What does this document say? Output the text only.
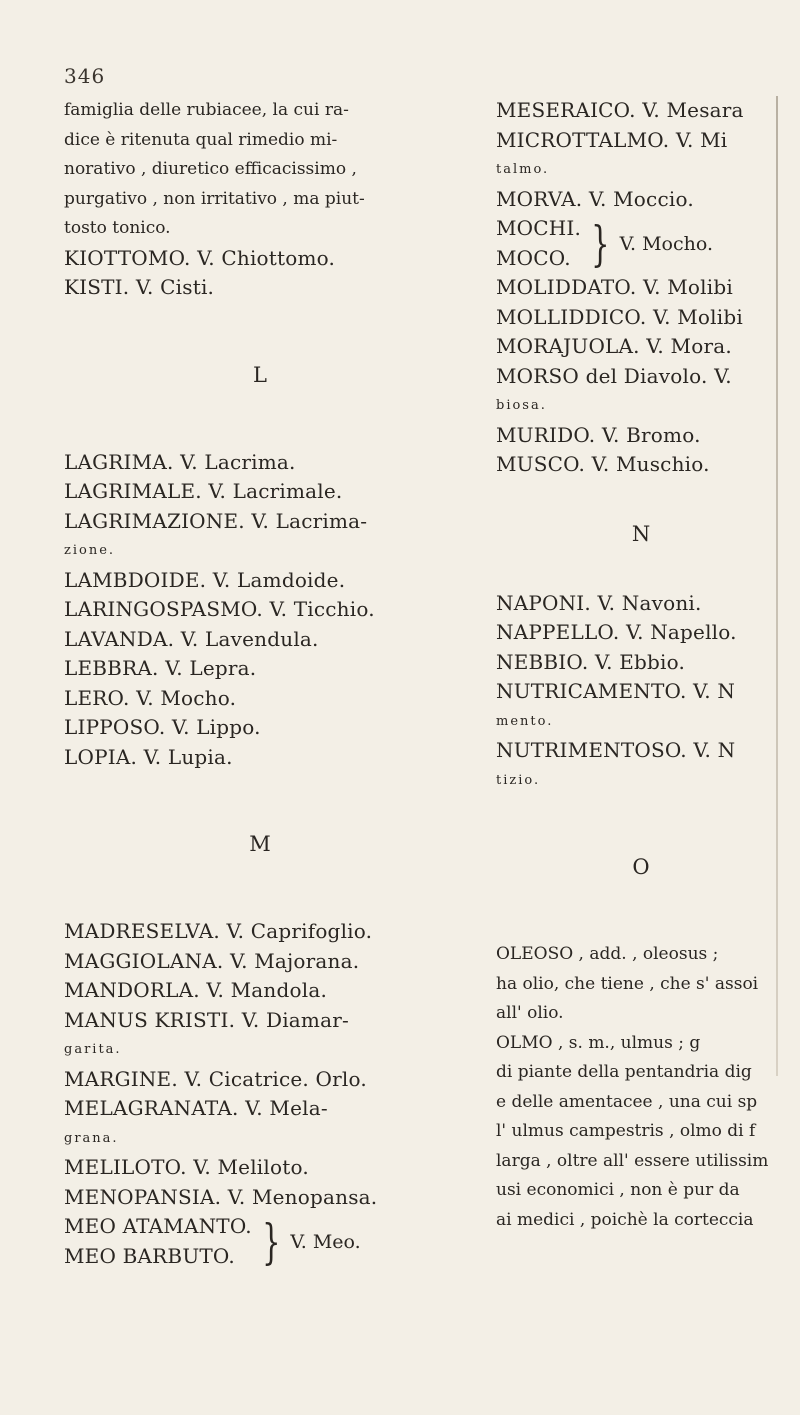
346
famiglia delle rubiacee, la cui ra-
dice è ritenuta qual rimedio mi-
norativo , diuretico efficacissimo ,
purgativo , non irritativo , ma piut-
tosto tonico.
KIOTTOMO. V. Chiottomo.
KISTI. V. Cisti.
L
LAGRIMA. V. Lacrima.
LAGRIMALE. V. Lacrimale.
LAGRIMAZIONE. V. Lacrima-
zione.
LAMBDOIDE. V. Lamdoide.
LARINGOSPASMO. V. Ticchio.
LAVANDA. V. Lavendula.
LEBBRA. V. Lepra.
LERO. V. Mocho.
LIPPOSO. V. Lippo.
LOPIA. V. Lupia.
M
MADRESELVA. V. Caprifoglio.
MAGGIOLANA. V. Majorana.
MANDORLA. V. Mandola.
MANUS KRISTI. V. Diamar-
garita.
MARGINE. V. Cicatrice. Orlo.
MELAGRANATA. V. Mela-
grana.
MELILOTO. V. Meliloto.
MENOPANSIA. V. Menopansa.
MEO ATAMANTO.
MEO BARBUTO. } V. Meo.
MESERAICO. V. Mesara
MICROTTALMO. V. Mi
talmo.
MORVA. V. Moccio.
MOCHI.
MOCO. } V. Mocho.
MOLIDDATO. V. Molibi
MOLLIDDICO. V. Molibi
MORAJUOLA. V. Mora.
MORSO del Diavolo. V.
biosa.
MURIDO. V. Bromo.
MUSCO. V. Muschio.
N
NAPONI. V. Navoni.
NAPPELLO. V. Napello.
NEBBIO. V. Ebbio.
NUTRICAMENTO. V. N
mento.
NUTRIMENTOSO. V. N
tizio.
O
OLEOSO , add. , oleosus ;
ha olio, che tiene , che s' assoi
all' olio.
OLMO , s. m., ulmus ; g
di piante della pentandria dig
e delle amentacee , una cui sp
l' ulmus campestris , olmo di f
larga , oltre all' essere utilissim
usi economici , non è pur da
ai medici , poichè la corteccia
